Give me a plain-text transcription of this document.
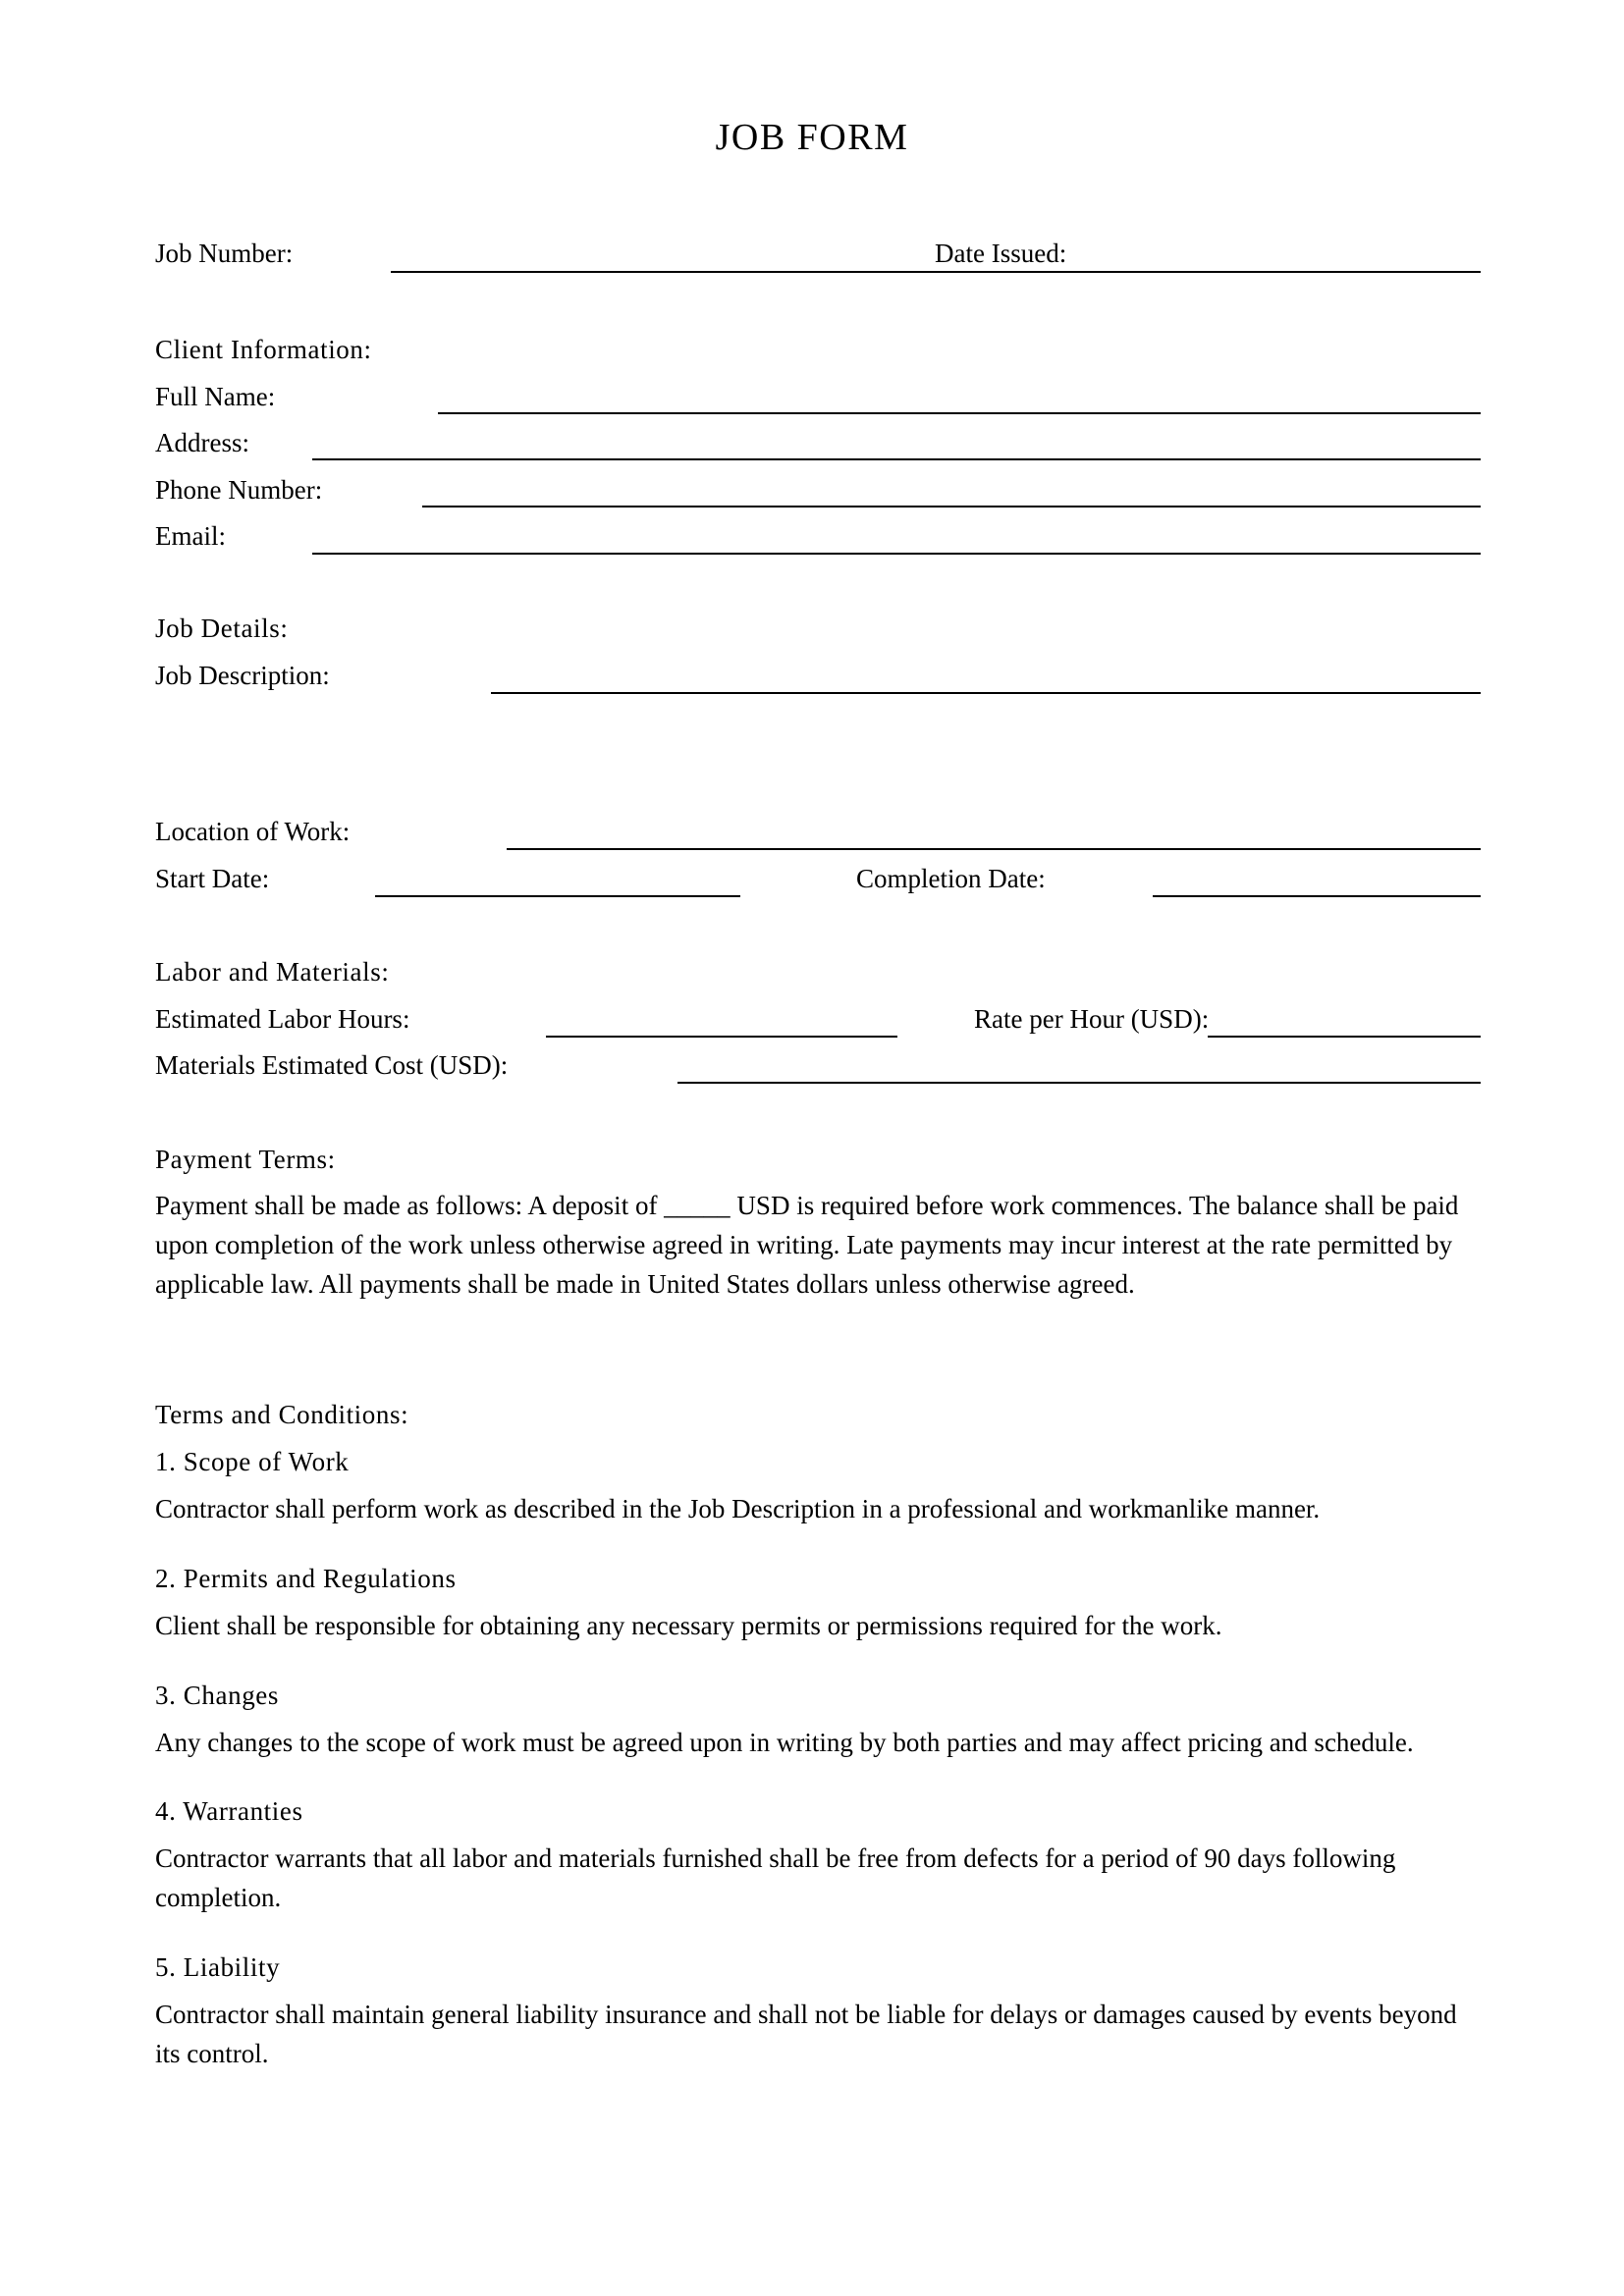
JOB FORM
Job Number:	Date Issued:
Client Information:
Full Name:
Address:
Phone Number:
Email:
Job Details:
Job Description:
Location of Work:
Start Date:	Completion Date:
Labor and Materials:
Estimated Labor Hours:	Rate per Hour (USD):
Materials Estimated Cost (USD):
Payment Terms:
Payment shall be made as follows: A deposit of _____ USD is required before work commences. The balance shall be paid upon completion of the work unless otherwise agreed in writing. Late payments may incur interest at the rate permitted by applicable law. All payments shall be made in United States dollars unless otherwise agreed.
Terms and Conditions:
1. Scope of Work
Contractor shall perform work as described in the Job Description in a professional and workmanlike manner.
2. Permits and Regulations
Client shall be responsible for obtaining any necessary permits or permissions required for the work.
3. Changes
Any changes to the scope of work must be agreed upon in writing by both parties and may affect pricing and schedule.
4. Warranties
Contractor warrants that all labor and materials furnished shall be free from defects for a period of 90 days following completion.
5. Liability
Contractor shall maintain general liability insurance and shall not be liable for delays or damages caused by events beyond its control.
